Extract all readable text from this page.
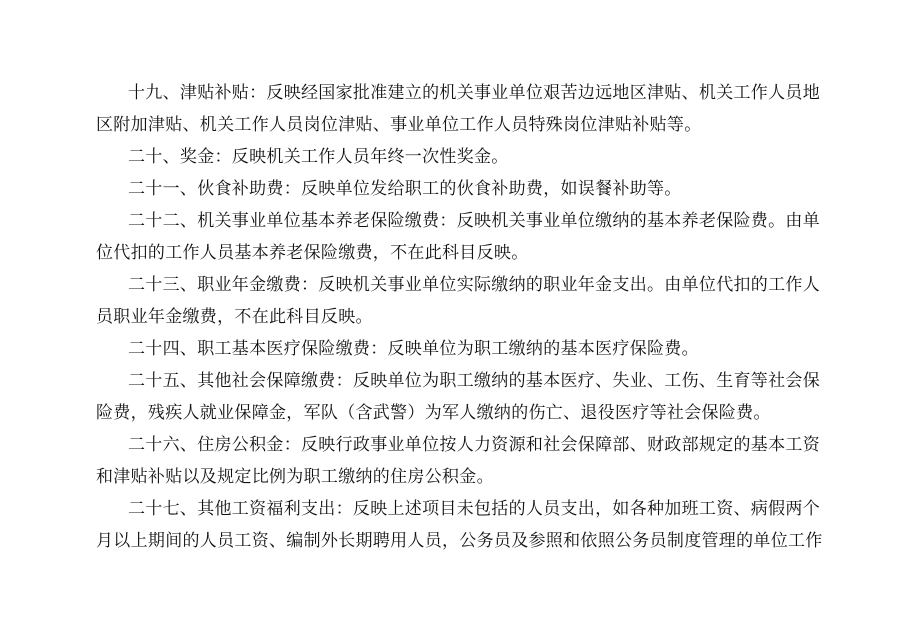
十九、津贴补贴：反映经国家批准建立的机关事业单位艰苦边远地区津贴、机关工作人员地
区附加津贴、机关工作人员岗位津贴、事业单位工作人员特殊岗位津贴补贴等。
二十、奖金：反映机关工作人员年终一次性奖金。
二十一、伙食补助费：反映单位发给职工的伙食补助费，如误餐补助等。
二十二、机关事业单位基本养老保险缴费：反映机关事业单位缴纳的基本养老保险费。由单
位代扣的工作人员基本养老保险缴费，不在此科目反映。
二十三、职业年金缴费：反映机关事业单位实际缴纳的职业年金支出。由单位代扣的工作人
员职业年金缴费，不在此科目反映。
二十四、职工基本医疗保险缴费：反映单位为职工缴纳的基本医疗保险费。
二十五、其他社会保障缴费：反映单位为职工缴纳的基本医疗、失业、工伤、生育等社会保
险费，残疾人就业保障金，军队（含武警）为军人缴纳的伤亡、退役医疗等社会保险费。
二十六、住房公积金：反映行政事业单位按人力资源和社会保障部、财政部规定的基本工资
和津贴补贴以及规定比例为职工缴纳的住房公积金。
二十七、其他工资福利支出：反映上述项目未包括的人员支出，如各种加班工资、病假两个
月以上期间的人员工资、编制外长期聘用人员，公务员及参照和依照公务员制度管理的单位工作
